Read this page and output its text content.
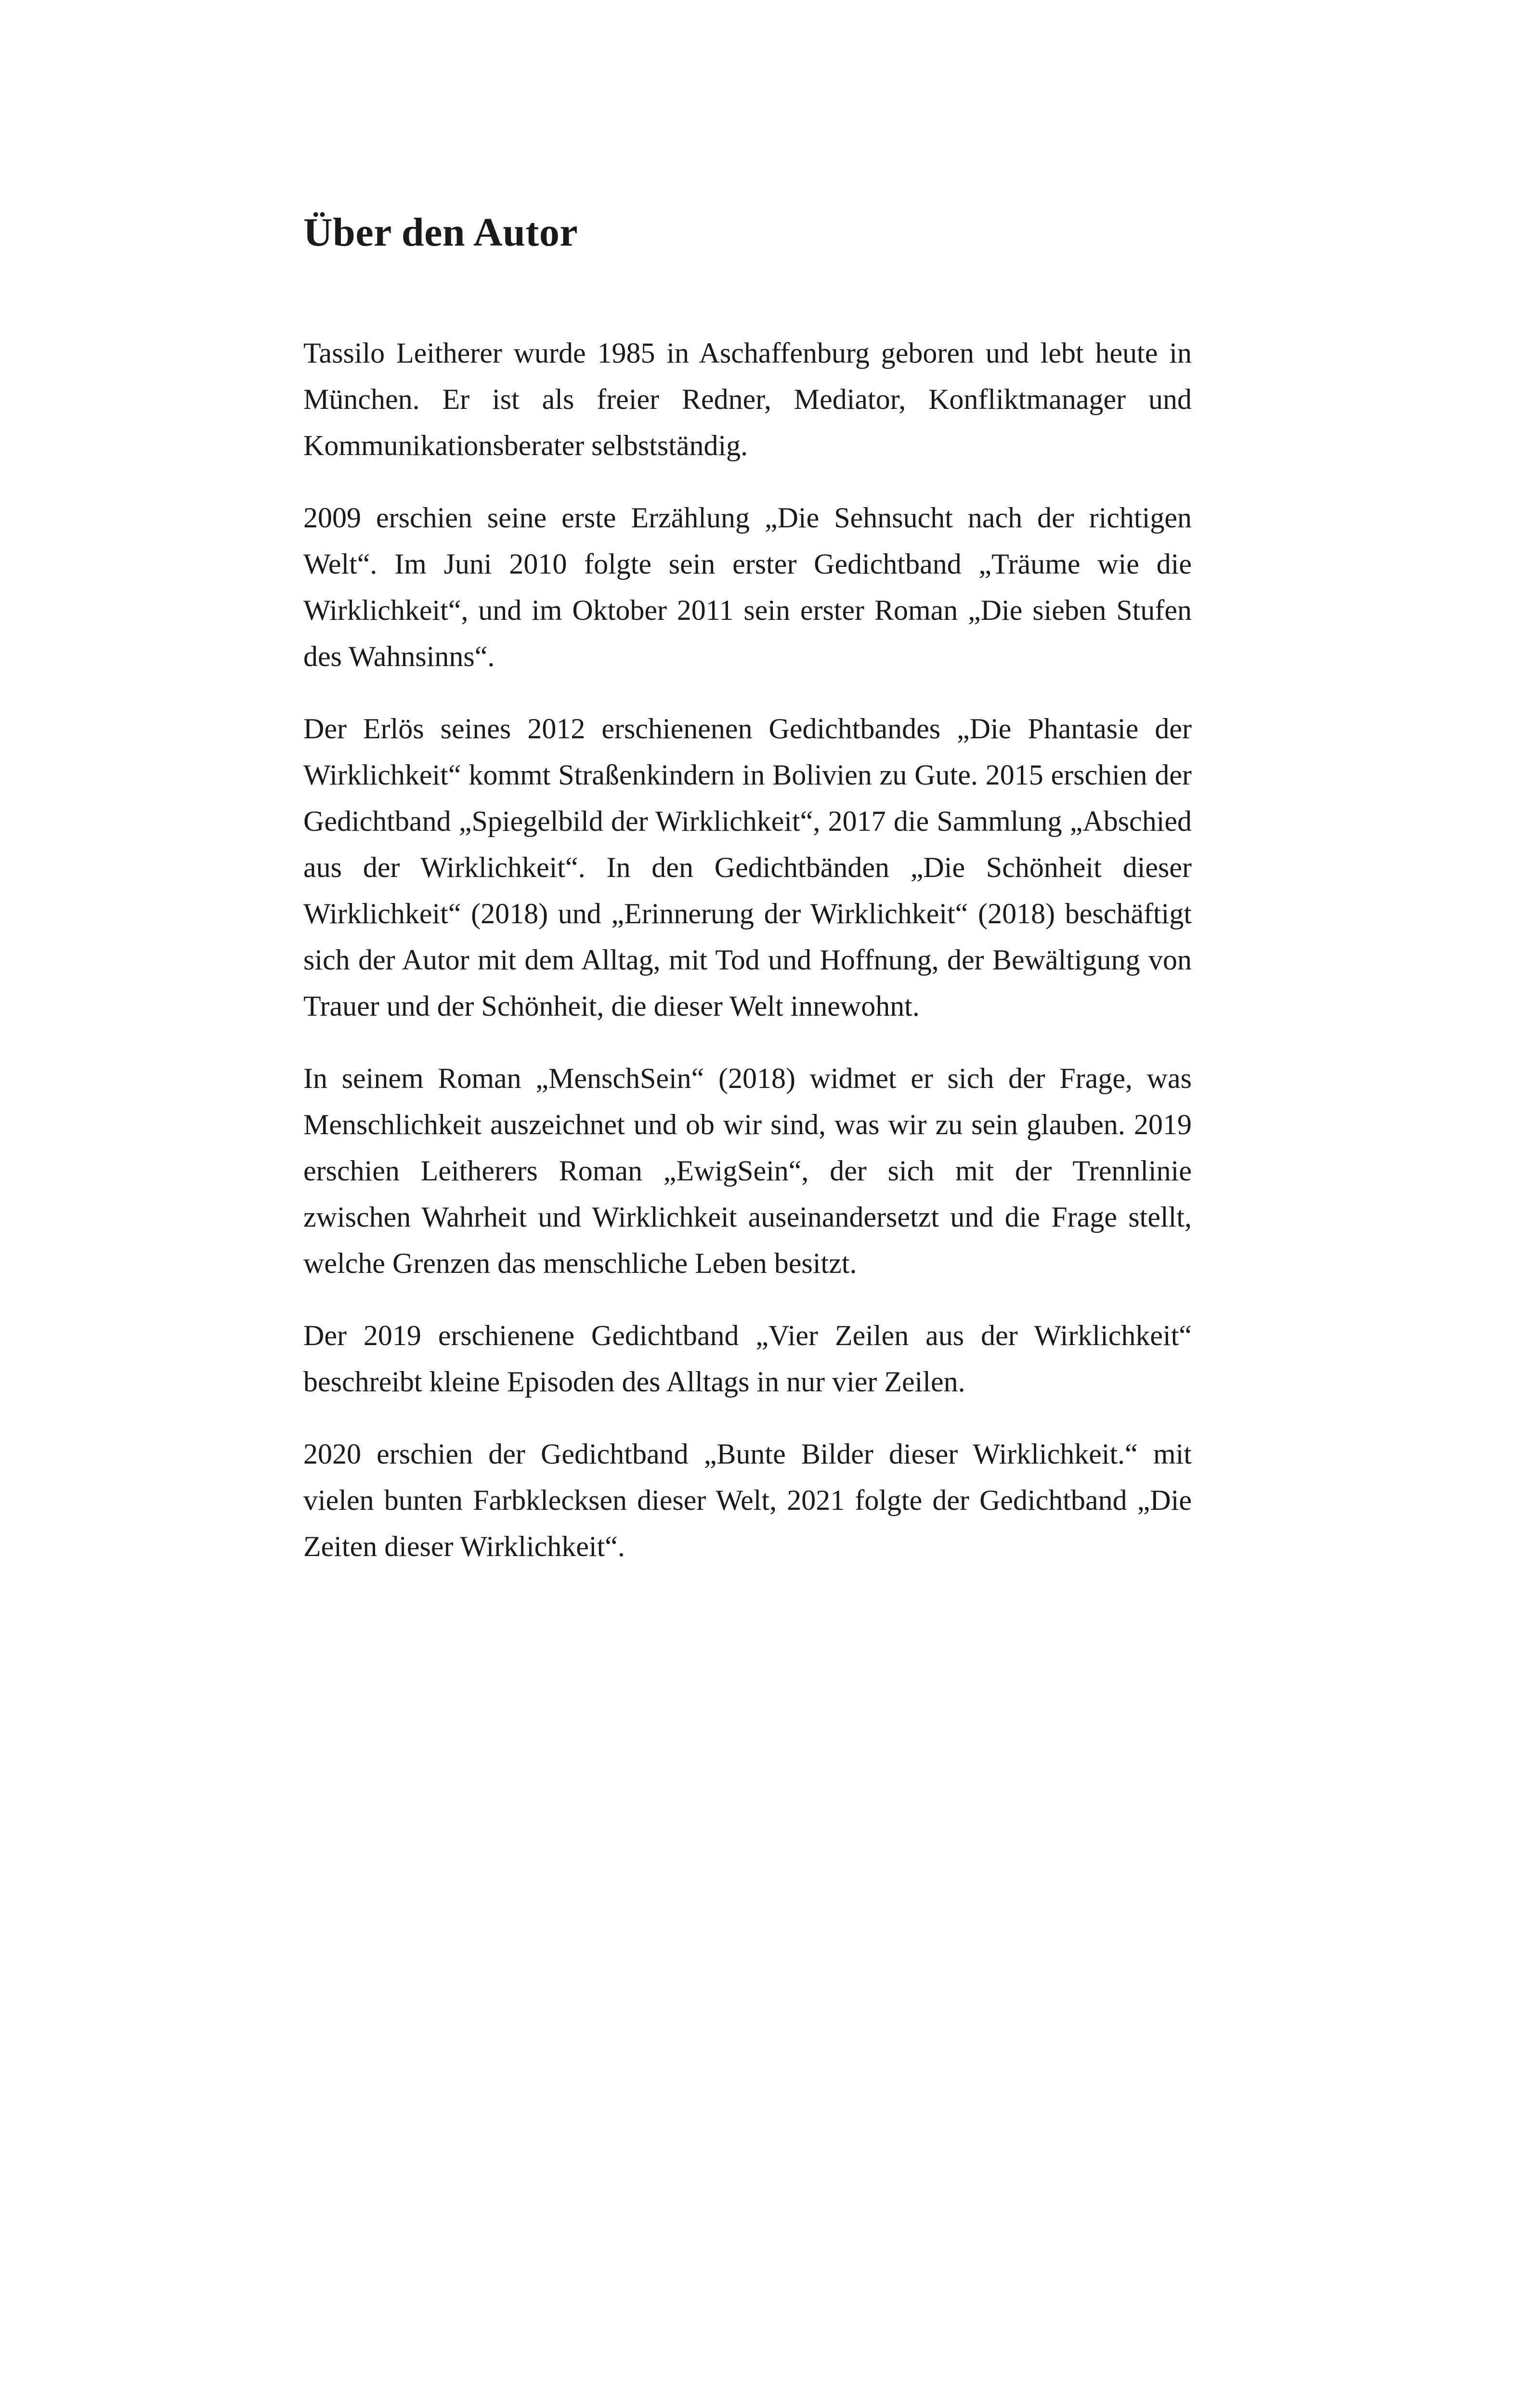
Über den Autor

Tassilo Leitherer wurde 1985 in Aschaffenburg geboren und lebt heute in München. Er ist als freier Redner, Mediator, Konfliktmanager und Kommunikationsberater selbstständig.

2009 erschien seine erste Erzählung „Die Sehnsucht nach der richtigen Welt“. Im Juni 2010 folgte sein erster Gedichtband „Träume wie die Wirklichkeit“, und im Oktober 2011 sein erster Roman „Die sieben Stufen des Wahnsinns“.

Der Erlös seines 2012 erschienenen Gedichtbandes „Die Phantasie der Wirklichkeit“ kommt Straßenkindern in Bolivien zu Gute. 2015 erschien der Gedichtband „Spiegelbild der Wirklichkeit“, 2017 die Sammlung „Abschied aus der Wirklichkeit“. In den Gedichtbänden „Die Schönheit dieser Wirklichkeit“ (2018) und „Erinnerung der Wirklichkeit“ (2018) beschäftigt sich der Autor mit dem Alltag, mit Tod und Hoffnung, der Bewältigung von Trauer und der Schönheit, die dieser Welt innewohnt.

In seinem Roman „MenschSein“ (2018) widmet er sich der Frage, was Menschlichkeit auszeichnet und ob wir sind, was wir zu sein glauben. 2019 erschien Leitherers Roman „EwigSein“, der sich mit der Trennlinie zwischen Wahrheit und Wirklichkeit auseinandersetzt und die Frage stellt, welche Grenzen das menschliche Leben besitzt.

Der 2019 erschienene Gedichtband „Vier Zeilen aus der Wirklichkeit“ beschreibt kleine Episoden des Alltags in nur vier Zeilen.

2020 erschien der Gedichtband „Bunte Bilder dieser Wirklichkeit.“ mit vielen bunten Farbklecksen dieser Welt, 2021 folgte der Gedichtband „Die Zeiten dieser Wirklichkeit“.
